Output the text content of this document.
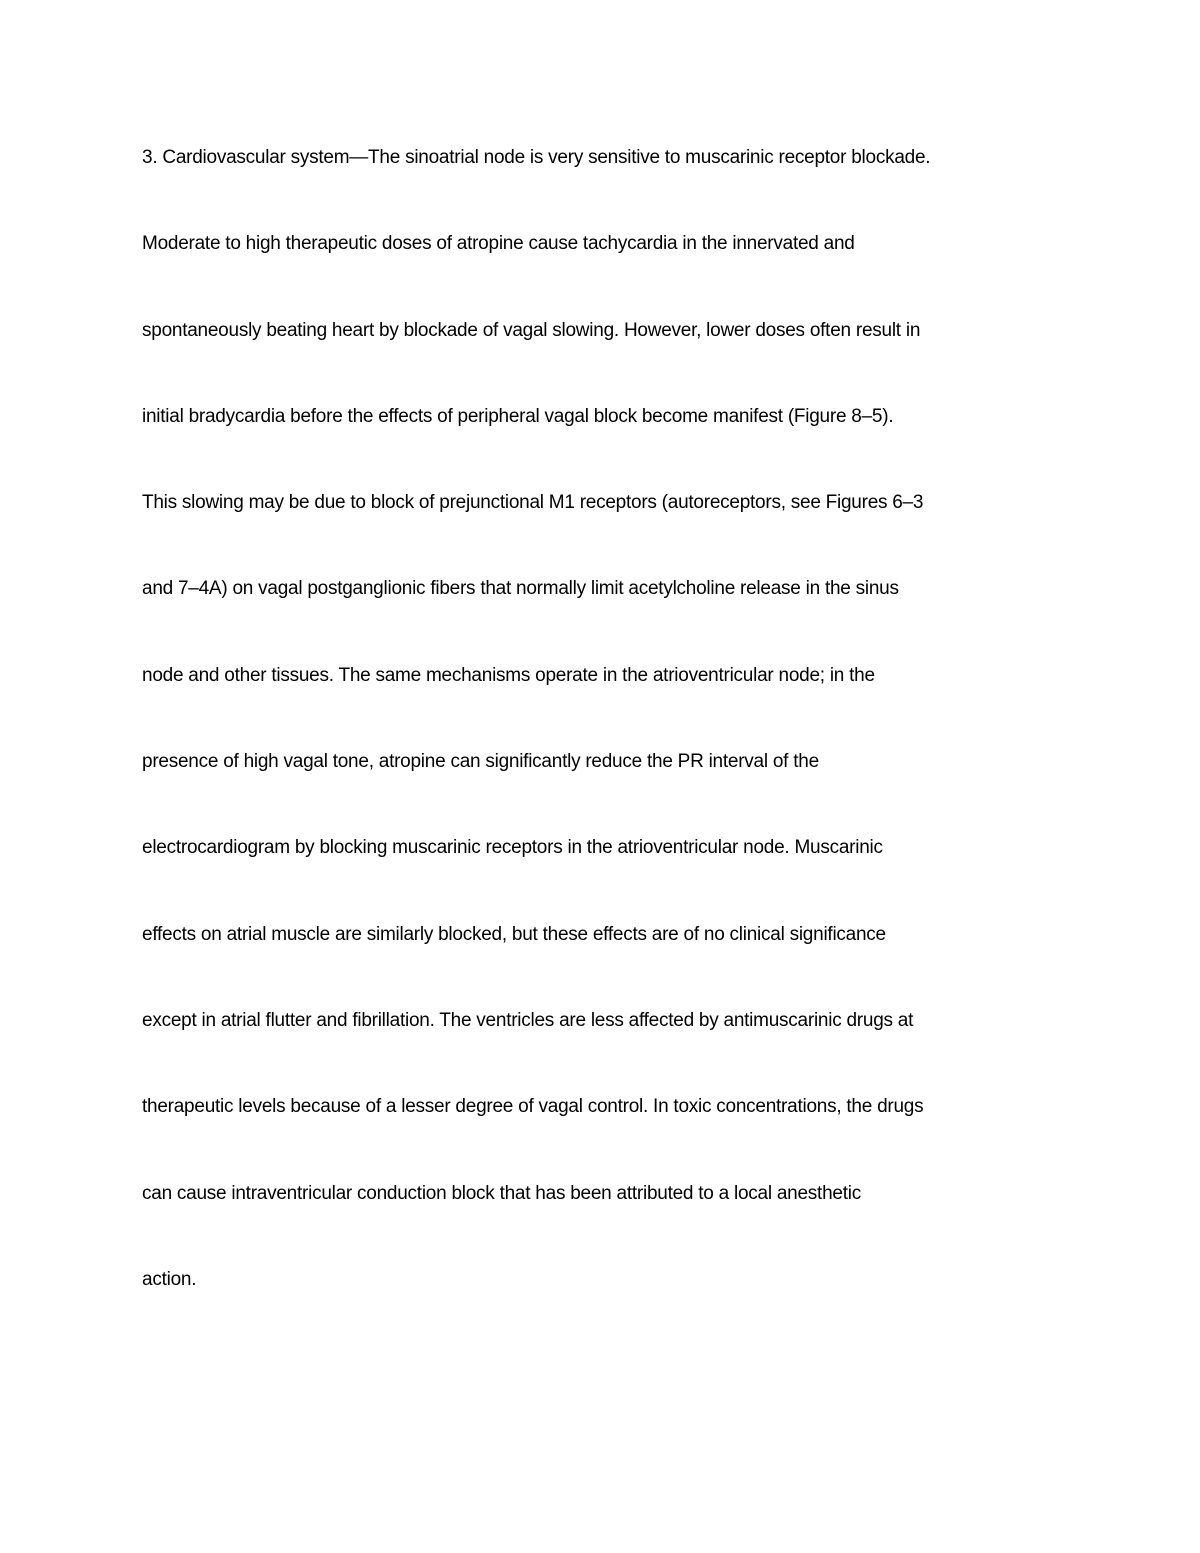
3. Cardiovascular system—The sinoatrial node is very sensitive to muscarinic receptor blockade.
Moderate to high therapeutic doses of atropine cause tachycardia in the innervated and
spontaneously beating heart by blockade of vagal slowing. However, lower doses often result in
initial bradycardia before the effects of peripheral vagal block become manifest (Figure 8–5).
This slowing may be due to block of prejunctional M1 receptors (autoreceptors, see Figures 6–3
and 7–4A) on vagal postganglionic fibers that normally limit acetylcholine release in the sinus
node and other tissues. The same mechanisms operate in the atrioventricular node; in the
presence of high vagal tone, atropine can significantly reduce the PR interval of the
electrocardiogram by blocking muscarinic receptors in the atrioventricular node. Muscarinic
effects on atrial muscle are similarly blocked, but these effects are of no clinical significance
except in atrial flutter and fibrillation. The ventricles are less affected by antimuscarinic drugs at
therapeutic levels because of a lesser degree of vagal control. In toxic concentrations, the drugs
can cause intraventricular conduction block that has been attributed to a local anesthetic
action.
